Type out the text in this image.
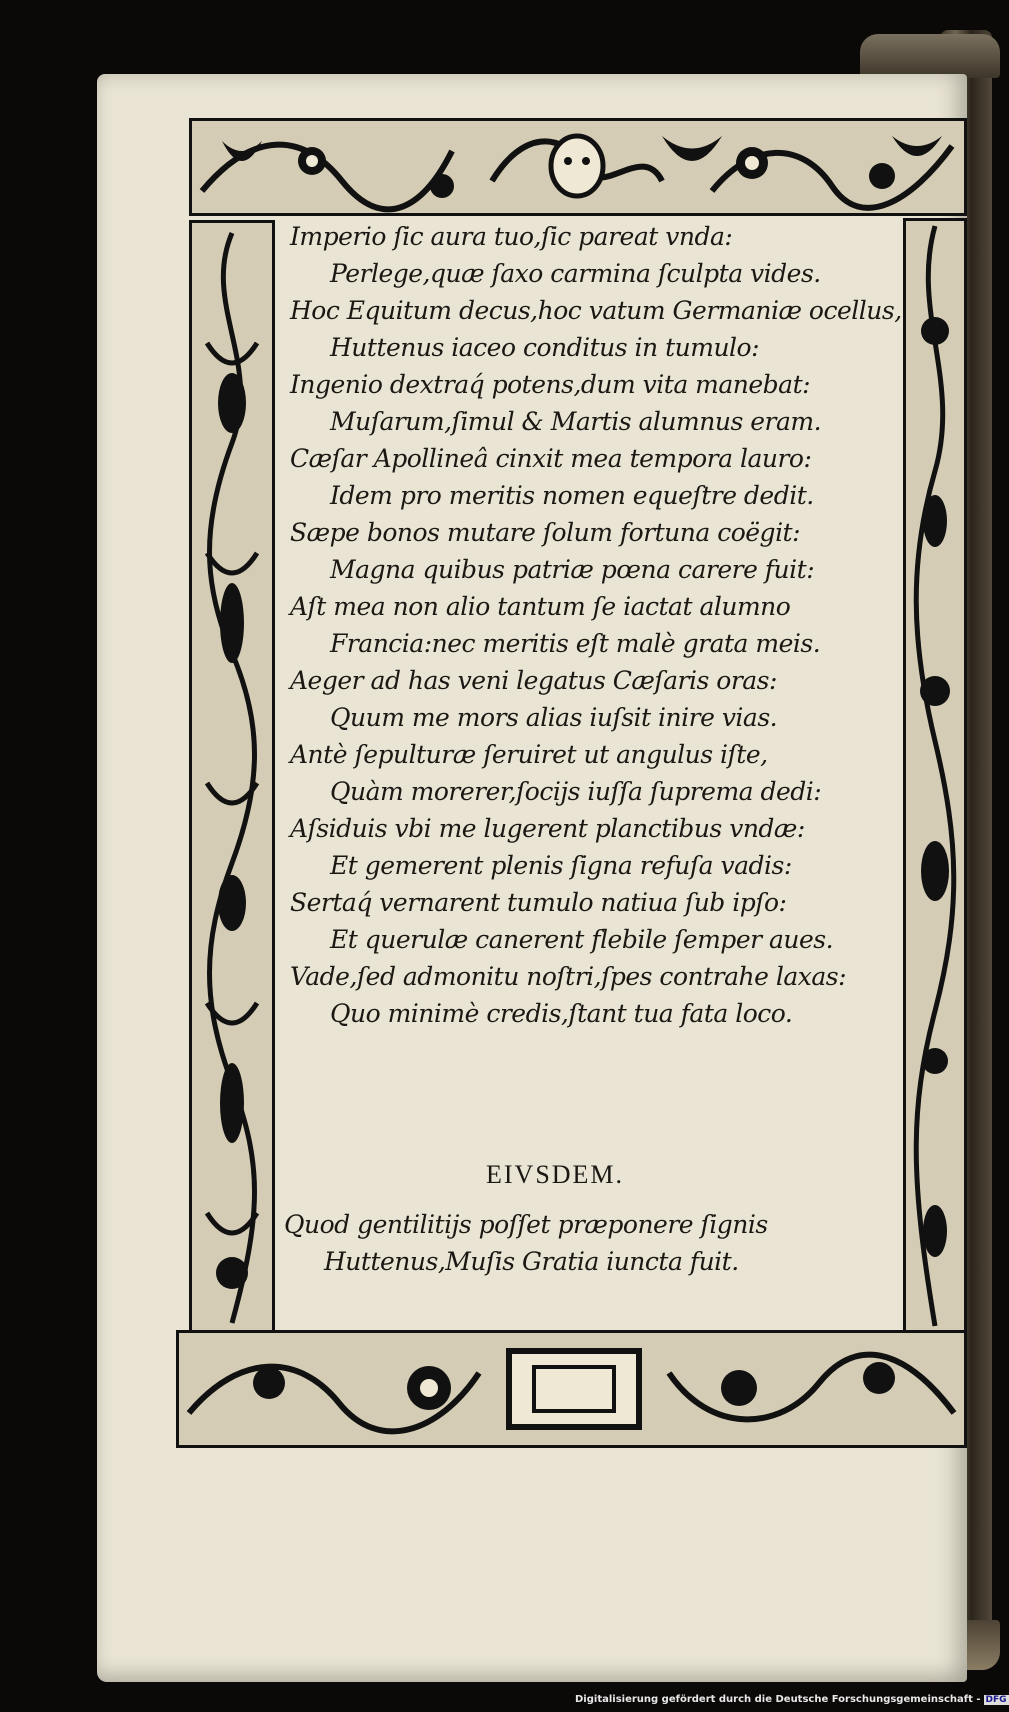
Imperio ſic aura tuo,ſic pareat vnda:
Perlege,quæ ſaxo carmina ſculpta vides.
Hoc Equitum decus,hoc vatum Germaniæ ocellus,
Huttenus iaceo conditus in tumulo:
Ingenio dextraq́ potens,dum vita manebat:
Muſarum,ſimul & Martis alumnus eram.
Cæſar Apollineâ cinxit mea tempora lauro:
Idem pro meritis nomen equeſtre dedit.
Sæpe bonos mutare ſolum fortuna coëgit:
Magna quibus patriæ pœna carere fuit:
Aſt mea non alio tantum ſe iactat alumno
Francia:nec meritis eſt malè grata meis.
Aeger ad has veni legatus Cæſaris oras:
Quum me mors alias iuſsit inire vias.
Antè ſepulturæ ſeruiret ut angulus iſte,
Quàm morerer,ſocijs iuſſa ſuprema dedi:
Aſsiduis vbi me lugerent planctibus vndæ:
Et gemerent plenis ſigna refuſa vadis:
Sertaq́ vernarent tumulo natiua ſub ipſo:
Et querulæ canerent flebile ſemper aues.
Vade,ſed admonitu noſtri,ſpes contrahe laxas:
Quo minimè credis,ſtant tua fata loco.
Quod gentilitijs poſſet præponere ſignis
Huttenus,Muſis Gratia iuncta fuit.
EIVSDEM.
Digitalisierung gefördert durch die Deutsche Forschungsgemeinschaft - DFG
